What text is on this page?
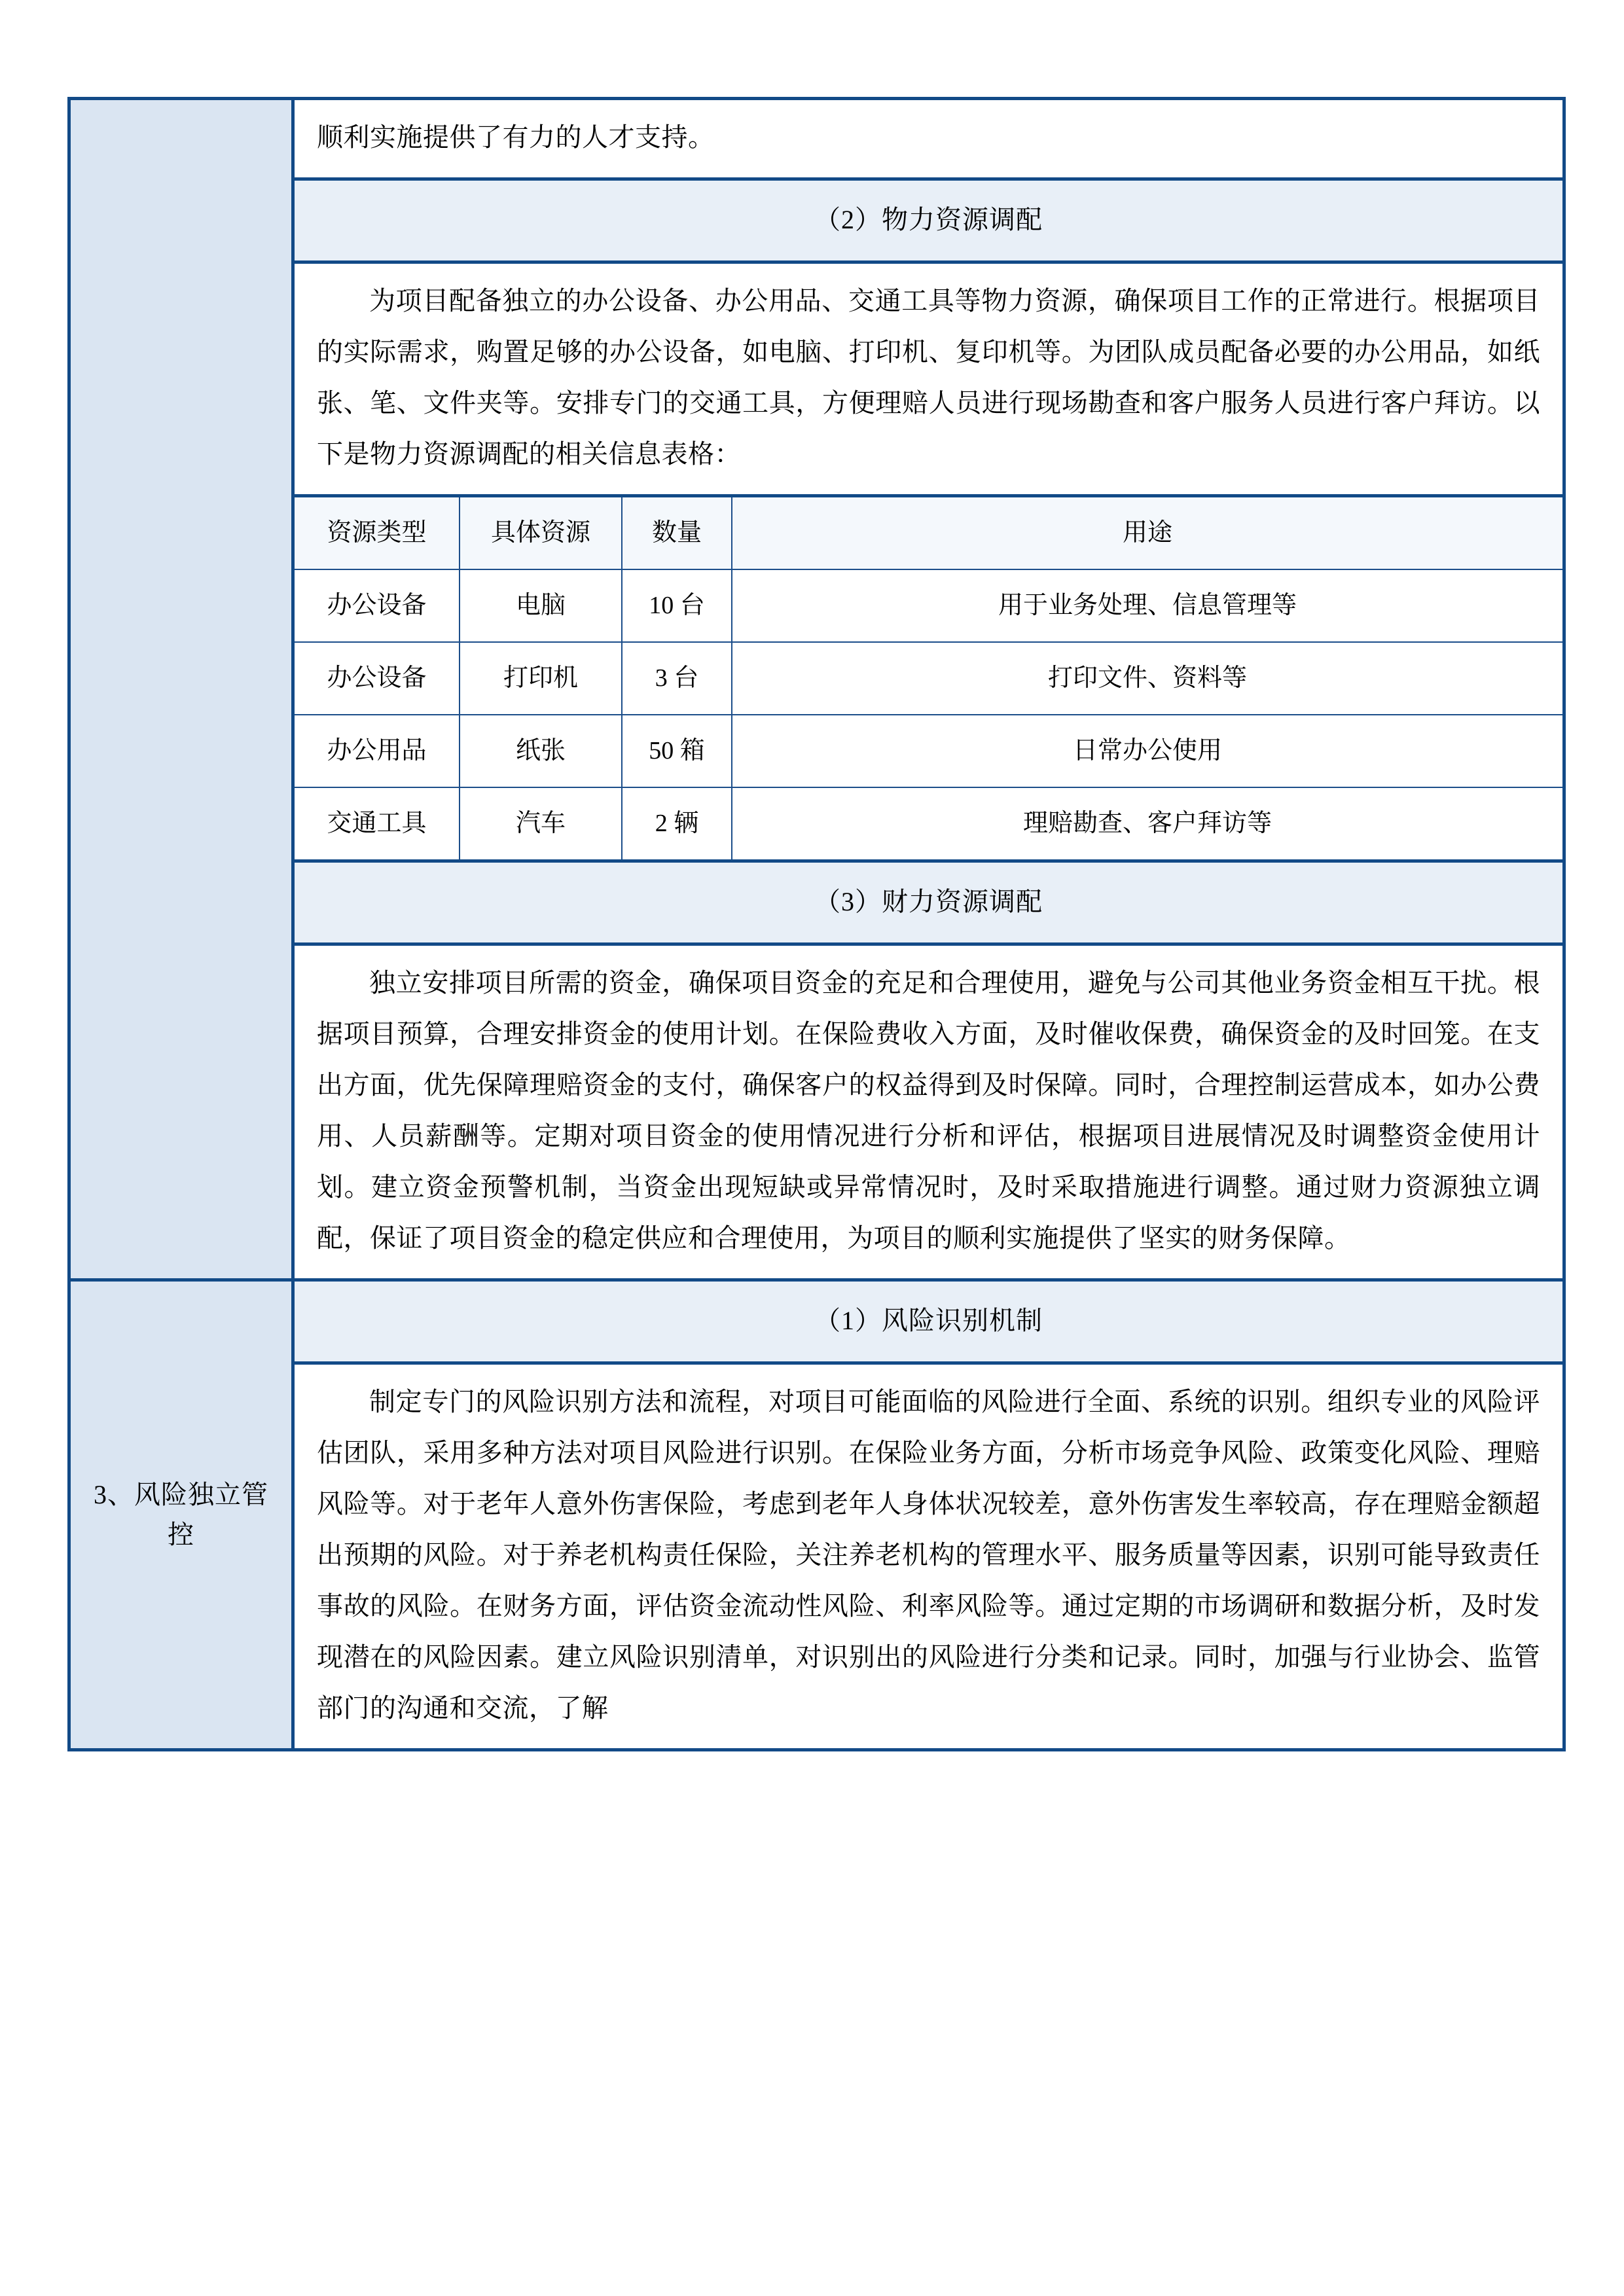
顺利实施提供了有力的人才支持。

（2）物力资源调配

为项目配备独立的办公设备、办公用品、交通工具等物力资源，确保项目工作的正常进行。根据项目的实际需求，购置足够的办公设备，如电脑、打印机、复印机等。为团队成员配备必要的办公用品，如纸张、笔、文件夹等。安排专门的交通工具，方便理赔人员进行现场勘查和客户服务人员进行客户拜访。以下是物力资源调配的相关信息表格：

资源类型	具体资源	数量	用途
办公设备	电脑	10 台	用于业务处理、信息管理等
办公设备	打印机	3 台	打印文件、资料等
办公用品	纸张	50 箱	日常办公使用
交通工具	汽车	2 辆	理赔勘查、客户拜访等

（3）财力资源调配

独立安排项目所需的资金，确保项目资金的充足和合理使用，避免与公司其他业务资金相互干扰。根据项目预算，合理安排资金的使用计划。在保险费收入方面，及时催收保费，确保资金的及时回笼。在支出方面，优先保障理赔资金的支付，确保客户的权益得到及时保障。同时，合理控制运营成本，如办公费用、人员薪酬等。定期对项目资金的使用情况进行分析和评估，根据项目进展情况及时调整资金使用计划。建立资金预警机制，当资金出现短缺或异常情况时，及时采取措施进行调整。通过财力资源独立调配，保证了项目资金的稳定供应和合理使用，为项目的顺利实施提供了坚实的财务保障。

3、风险独立管控

（1）风险识别机制

制定专门的风险识别方法和流程，对项目可能面临的风险进行全面、系统的识别。组织专业的风险评估团队，采用多种方法对项目风险进行识别。在保险业务方面，分析市场竞争风险、政策变化风险、理赔风险等。对于老年人意外伤害保险，考虑到老年人身体状况较差，意外伤害发生率较高，存在理赔金额超出预期的风险。对于养老机构责任保险，关注养老机构的管理水平、服务质量等因素，识别可能导致责任事故的风险。在财务方面，评估资金流动性风险、利率风险等。通过定期的市场调研和数据分析，及时发现潜在的风险因素。建立风险识别清单，对识别出的风险进行分类和记录。同时，加强与行业协会、监管部门的沟通和交流，了解
